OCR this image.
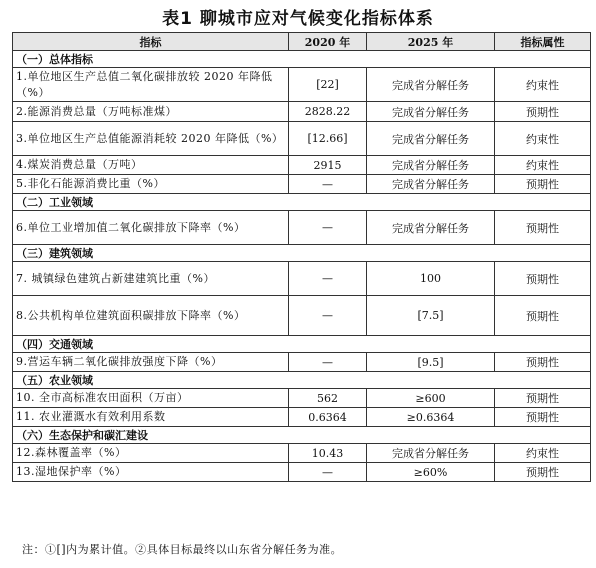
表1 聊城市应对气候变化指标体系
指标	2020 年	2025 年	指标属性
（一）总体指标			
1.单位地区生产总值二氧化碳排放较 2020 年降低（%）	[22]	完成省分解任务	约束性
2.能源消费总量（万吨标准煤）	2828.22	完成省分解任务	预期性
3.单位地区生产总值能源消耗较 2020 年降低（%）	[12.66]	完成省分解任务	约束性
4.煤炭消费总量（万吨）	2915	完成省分解任务	约束性
5.非化石能源消费比重（%）	—	完成省分解任务	预期性
（二）工业领域			
6.单位工业增加值二氧化碳排放下降率（%）	—	完成省分解任务	预期性
（三）建筑领域			
7. 城镇绿色建筑占新建建筑比重（%）	—	100	预期性
8.公共机构单位建筑面积碳排放下降率（%）	—	[7.5]	预期性
（四）交通领域			
9.营运车辆二氧化碳排放强度下降（%）	—	[9.5]	预期性
（五）农业领域			
10. 全市高标准农田面积（万亩）	562	≥600	预期性
11. 农业灌溉水有效利用系数	0.6364	≥0.6364	预期性
（六）生态保护和碳汇建设			
12.森林覆盖率（%）	10.43	完成省分解任务	约束性
13.湿地保护率（%）	—	≥60%	预期性
注：①[]内为累计值。②具体目标最终以山东省分解任务为准。
